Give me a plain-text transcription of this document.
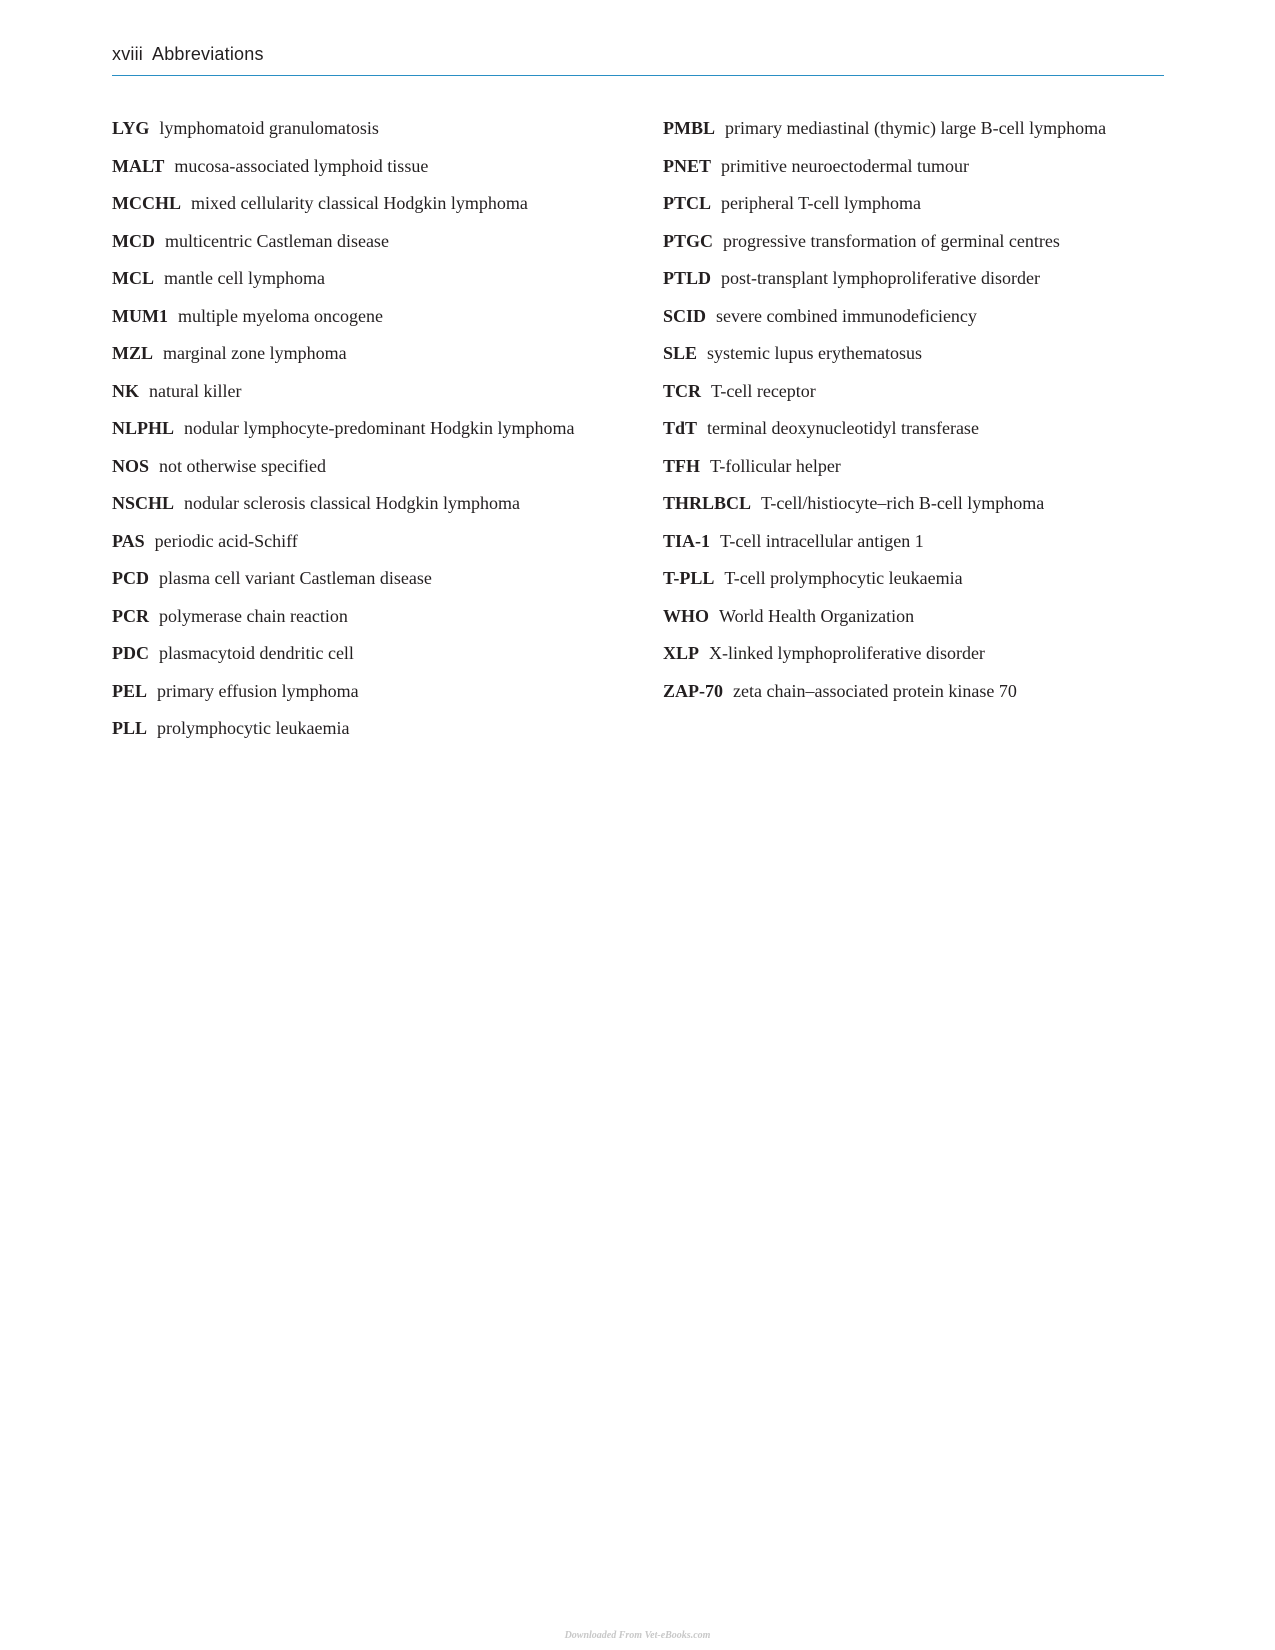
xviii Abbreviations
LYG lymphomatoid granulomatosis
MALT mucosa-associated lymphoid tissue
MCCHL mixed cellularity classical Hodgkin lymphoma
MCD multicentric Castleman disease
MCL mantle cell lymphoma
MUM1 multiple myeloma oncogene
MZL marginal zone lymphoma
NK natural killer
NLPHL nodular lymphocyte-predominant Hodgkin lymphoma
NOS not otherwise specified
NSCHL nodular sclerosis classical Hodgkin lymphoma
PAS periodic acid-Schiff
PCD plasma cell variant Castleman disease
PCR polymerase chain reaction
PDC plasmacytoid dendritic cell
PEL primary effusion lymphoma
PLL prolymphocytic leukaemia
PMBL primary mediastinal (thymic) large B-cell lymphoma
PNET primitive neuroectodermal tumour
PTCL peripheral T-cell lymphoma
PTGC progressive transformation of germinal centres
PTLD post-transplant lymphoproliferative disorder
SCID severe combined immunodeficiency
SLE systemic lupus erythematosus
TCR T-cell receptor
TdT terminal deoxynucleotidyl transferase
TFH T-follicular helper
THRLBCL T-cell/histiocyte–rich B-cell lymphoma
TIA-1 T-cell intracellular antigen 1
T-PLL T-cell prolymphocytic leukaemia
WHO World Health Organization
XLP X-linked lymphoproliferative disorder
ZAP-70 zeta chain–associated protein kinase 70
Downloaded From Vet-eBooks.com
